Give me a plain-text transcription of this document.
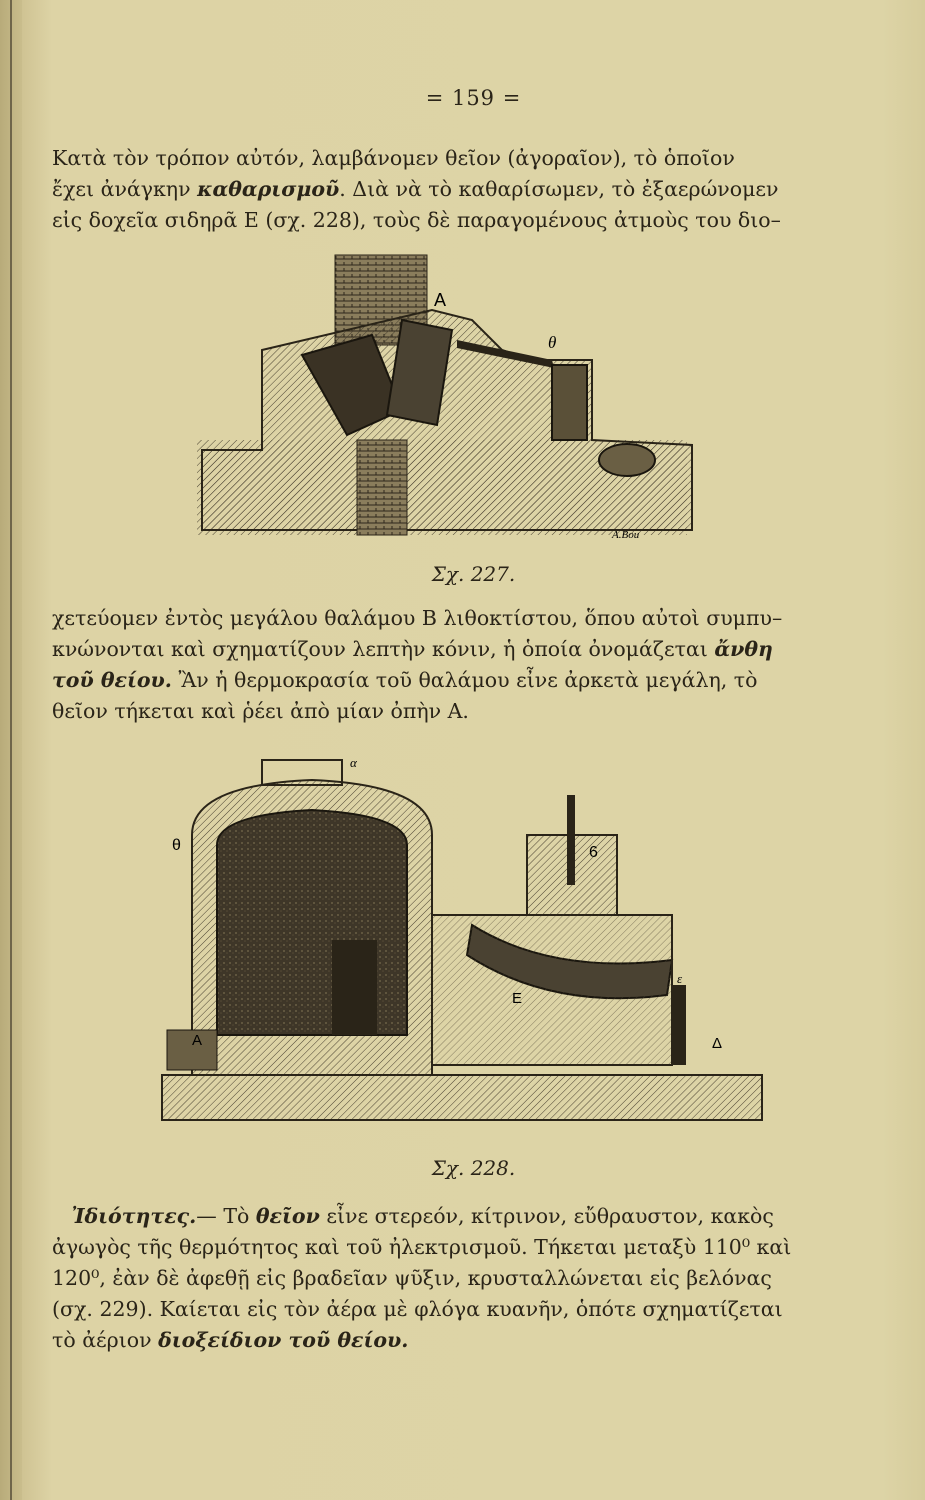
= 159 =
Κατὰ τὸν τρόπον αὐτόν, λαμβάνομεν θεῖον (ἀγοραῖον), τὸ ὁποῖον
ἔχει ἀνάγκην καθαρισμοῦ. Διὰ νὰ τὸ καθαρίσωμεν, τὸ ἐξαερώνομεν
εἰς δοχεῖα σιδηρᾶ Ε (σχ. 228), τοὺς δὲ παραγομένους ἀτμοὺς του διο–
A
θ
A.Bou
Σχ. 227.
χετεύομεν ἐντὸς μεγάλου θαλάμου Β λιθοκτίστου, ὅπου αὐτοὶ συμπυ–
κνώνονται καὶ σχηματίζουν λεπτὴν κόνιν, ἡ ὁποία ὀνομάζεται ἄνθη
τοῦ θείου. Ἂν ἡ θερμοκρασία τοῦ θαλάμου εἶνε ἀρκετὰ μεγάλη, τὸ
θεῖον τήκεται καὶ ῥέει ἀπὸ μίαν ὀπὴν Α.
θ	6
A
E
Δ
α
ε
Σχ. 228.
Ἰδιότητες.— Τὸ θεῖον εἶνε στερεόν, κίτρινον, εὔθραυστον, κακὸς
ἀγωγὸς τῆς θερμότητος καὶ τοῦ ἠλεκτρισμοῦ. Τήκεται μεταξὺ 110⁰ καὶ
120⁰, ἐὰν δὲ ἀφεθῇ εἰς βραδεῖαν ψῦξιν, κρυσταλλώνεται εἰς βελόνας
(σχ. 229). Καίεται εἰς τὸν ἀέρα μὲ φλόγα κυανῆν, ὁπότε σχηματίζεται
τὸ ἀέριον διοξείδιον τοῦ θείου.
